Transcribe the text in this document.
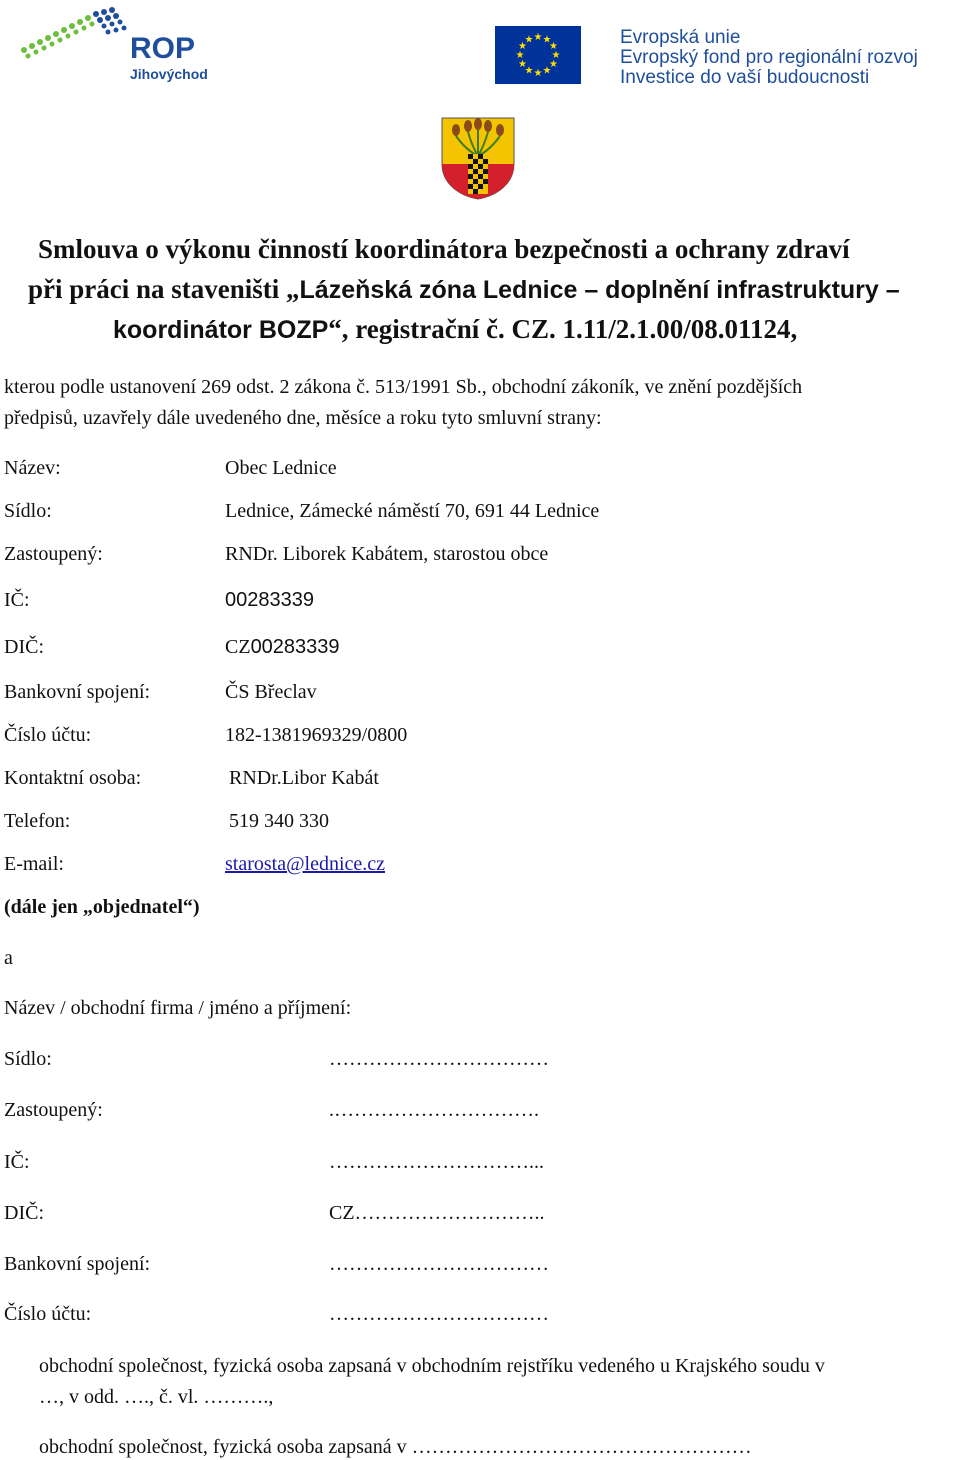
ROP
Jihovýchod
★ ★
★
★
★
★
★
★
★
★
★
★	Evropská unie
Evropský fond pro regionální rozvoj
Investice do vaší budoucnosti
Smlouva o výkonu činností koordinátora bezpečnosti a ochrany zdraví
při práci na staveništi „Lázeňská zóna Lednice – doplnění infrastruktury –
koordinátor BOZP“, registrační č. CZ. 1.11/2.1.00/08.01124,
kterou podle ustanovení 269 odst. 2 zákona č. 513/1991 Sb., obchodní zákoník, ve znění pozdějších
předpisů, uzavřely dále uvedeného dne, měsíce a roku tyto smluvní strany:
Název:	Obec Lednice
Sídlo:	Lednice, Zámecké náměstí 70, 691 44 Lednice
Zastoupený:	RNDr. Liborek Kabátem, starostou obce
IČ:	00283339
DIČ:	CZ00283339
Bankovní spojení:	ČS Břeclav
Číslo účtu:	182-1381969329/0800
Kontaktní osoba:	RNDr.Libor Kabát
Telefon:	519 340 330
E-mail:	starosta@lednice.cz
(dále jen „objednatel“)
a
Název / obchodní firma / jméno a příjmení:
Sídlo:	……………………………
Zastoupený:	.………………………….
IČ:	…………………………...
DIČ:	CZ………………………..
Bankovní spojení:	……………………………
Číslo účtu:	……………………………
obchodní společnost, fyzická osoba zapsaná v obchodním rejstříku vedeného u Krajského soudu v
…, v odd. …., č. vl. ……….,
obchodní společnost, fyzická osoba zapsaná v ……………………………………………
